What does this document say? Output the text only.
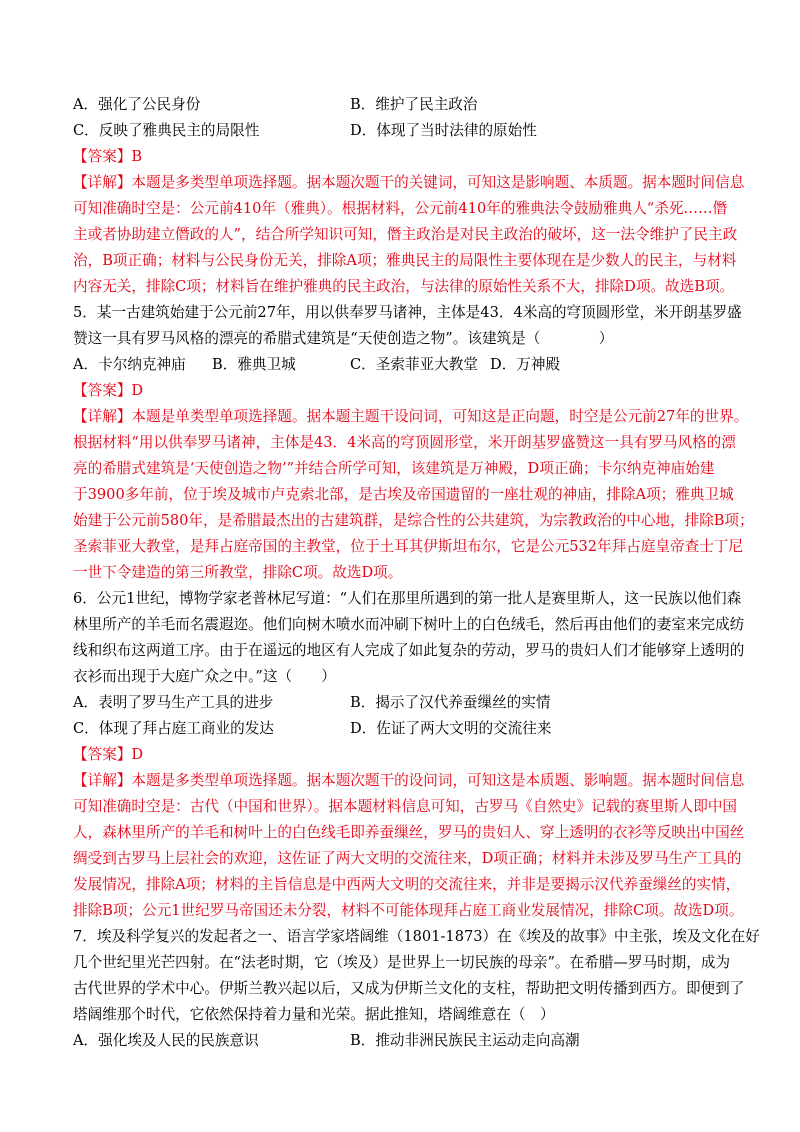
A．强化了公民身份	B．维护了民主政治
C．反映了雅典民主的局限性	D．体现了当时法律的原始性
【答案】B
【详解】本题是多类型单项选择题。据本题次题干的关键词，可知这是影响题、本质题。据本题时间信息
可知准确时空是：公元前410年（雅典）。根据材料，公元前410年的雅典法令鼓励雅典人“杀死……僭
主或者协助建立僭政的人”，结合所学知识可知，僭主政治是对民主政治的破坏，这一法令维护了民主政
治，B项正确；材料与公民身份无关，排除A项；雅典民主的局限性主要体现在是少数人的民主，与材料
内容无关，排除C项；材料旨在维护雅典的民主政治，与法律的原始性关系不大，排除D项。故选B项。
5．某一古建筑始建于公元前27年，用以供奉罗马诸神，主体是43．4米高的穹顶圆形堂，米开朗基罗盛
赞这一具有罗马风格的漂亮的希腊式建筑是“天使创造之物”。该建筑是（　　　　）
A．卡尔纳克神庙 B．雅典卫城	C．圣索菲亚大教堂 D．万神殿
【答案】D
【详解】本题是单类型单项选择题。据本题主题干设问词，可知这是正向题，时空是公元前27年的世界。
根据材料“用以供奉罗马诸神，主体是43．4米高的穹顶圆形堂，米开朗基罗盛赞这一具有罗马风格的漂
亮的希腊式建筑是‘天使创造之物’”并结合所学可知，该建筑是万神殿，D项正确；卡尔纳克神庙始建
于3900多年前，位于埃及城市卢克索北部，是古埃及帝国遗留的一座壮观的神庙，排除A项；雅典卫城
始建于公元前580年，是希腊最杰出的古建筑群，是综合性的公共建筑，为宗教政治的中心地，排除B项；
圣索菲亚大教堂，是拜占庭帝国的主教堂，位于土耳其伊斯坦布尔，它是公元532年拜占庭皇帝查士丁尼
一世下令建造的第三所教堂，排除C项。故选D项。
6．公元1世纪，博物学家老普林尼写道：“人们在那里所遇到的第一批人是赛里斯人，这一民族以他们森
林里所产的羊毛而名震遐迩。他们向树木喷水而冲刷下树叶上的白色绒毛，然后再由他们的妻室来完成纺
线和织布这两道工序。由于在遥远的地区有人完成了如此复杂的劳动，罗马的贵妇人们才能够穿上透明的
衣衫而出现于大庭广众之中。”这（　　）
A．表明了罗马生产工具的进步	B．揭示了汉代养蚕缫丝的实情
C．体现了拜占庭工商业的发达	D．佐证了两大文明的交流往来
【答案】D
【详解】本题是多类型单项选择题。据本题次题干的设问词，可知这是本质题、影响题。据本题时间信息
可知准确时空是：古代（中国和世界）。据本题材料信息可知，古罗马《自然史》记载的赛里斯人即中国
人，森林里所产的羊毛和树叶上的白色线毛即养蚕缫丝，罗马的贵妇人、穿上透明的衣衫等反映出中国丝
绸受到古罗马上层社会的欢迎，这佐证了两大文明的交流往来，D项正确；材料并未涉及罗马生产工具的
发展情况，排除A项；材料的主旨信息是中西两大文明的交流往来，并非是要揭示汉代养蚕缫丝的实情，
排除B项；公元1世纪罗马帝国还未分裂，材料不可能体现拜占庭工商业发展情况，排除C项。故选D项。
7．埃及科学复兴的发起者之一、语言学家塔阔维（1801-1873）在《埃及的故事》中主张，埃及文化在好
几个世纪里光芒四射。在“法老时期，它（埃及）是世界上一切民族的母亲”。在希腊—罗马时期，成为
古代世界的学术中心。伊斯兰教兴起以后，又成为伊斯兰文化的支柱，帮助把文明传播到西方。即便到了
塔阔维那个时代，它依然保持着力量和光荣。据此推知，塔阔维意在（　）
A．强化埃及人民的民族意识	B．推动非洲民族民主运动走向高潮
